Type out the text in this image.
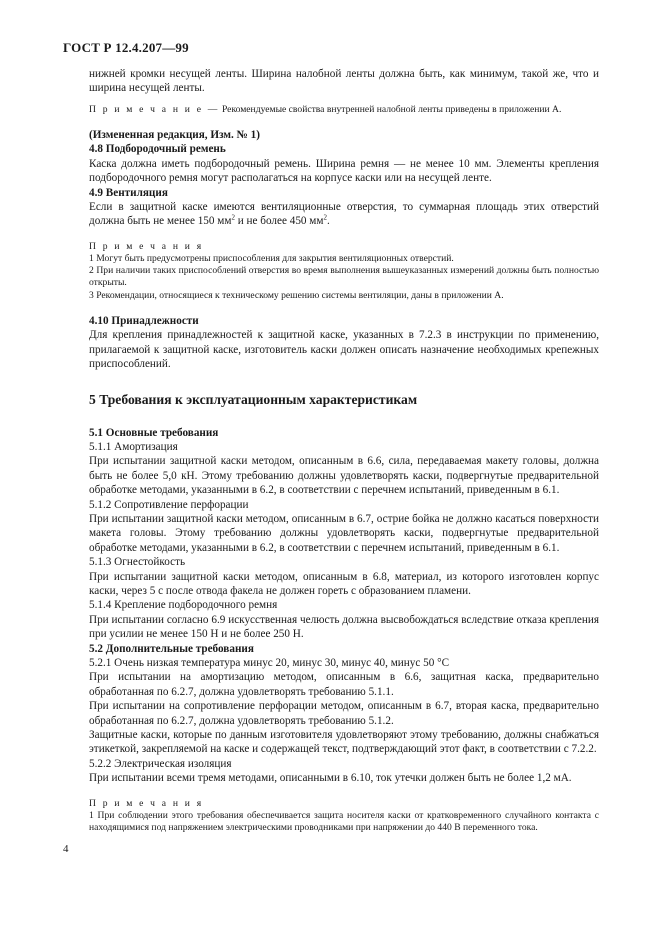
ГОСТ Р 12.4.207—99

нижней кромки несущей ленты. Ширина налобной ленты должна быть, как минимум, такой же, что и ширина несущей ленты.

П р и м е ч а н и е — Рекомендуемые свойства внутренней налобной ленты приведены в приложении А.

(Измененная редакция, Изм. № 1)

4.8 Подбородочный ремень

Каска должна иметь подбородочный ремень. Ширина ремня — не менее 10 мм. Элементы крепления подбородочного ремня могут располагаться на корпусе каски или на несущей ленте.

4.9 Вентиляция

Если в защитной каске имеются вентиляционные отверстия, то суммарная площадь этих отверстий должна быть не менее 150 $мм^2$ и не более 450 $мм^2$.

П р и м е ч а н и я

1 Могут быть предусмотрены приспособления для закрытия вентиляционных отверстий.

2 При наличии таких приспособлений отверстия во время выполнения вышеуказанных измерений должны быть полностью открыты.

3 Рекомендации, относящиеся к техническому решению системы вентиляции, даны в приложении А.

4.10 Принадлежности

Для крепления принадлежностей к защитной каске, указанных в 7.2.3 в инструкции по применению, прилагаемой к защитной каске, изготовитель каски должен описать назначение необходимых крепежных приспособлений.

5 Требования к эксплуатационным характеристикам

5.1 Основные требования

5.1.1 Амортизация

При испытании защитной каски методом, описанным в 6.6, сила, передаваемая макету головы, должна быть не более 5,0 кН. Этому требованию должны удовлетворять каски, подвергнутые предварительной обработке методами, указанными в 6.2, в соответствии с перечнем испытаний, приведенным в 6.1.

5.1.2 Сопротивление перфорации

При испытании защитной каски методом, описанным в 6.7, острие бойка не должно касаться поверхности макета головы. Этому требованию должны удовлетворять каски, подвергнутые предварительной обработке методами, указанными в 6.2, в соответствии с перечнем испытаний, приведенным в 6.1.

5.1.3 Огнестойкость

При испытании защитной каски методом, описанным в 6.8, материал, из которого изготовлен корпус каски, через 5 с после отвода факела не должен гореть с образованием пламени.

5.1.4 Крепление подбородочного ремня

При испытании согласно 6.9 искусственная челюсть должна высвобождаться вследствие отказа крепления при усилии не менее 150 Н и не более 250 Н.

5.2 Дополнительные требования

5.2.1 Очень низкая температура минус 20, минус 30, минус 40, минус 50 °С

При испытании на амортизацию методом, описанным в 6.6, защитная каска, предварительно обработанная по 6.2.7, должна удовлетворять требованию 5.1.1.

При испытании на сопротивление перфорации методом, описанным в 6.7, вторая каска, предварительно обработанная по 6.2.7, должна удовлетворять требованию 5.1.2.

Защитные каски, которые по данным изготовителя удовлетворяют этому требованию, должны снабжаться этикеткой, закрепляемой на каске и содержащей текст, подтверждающий этот факт, в соответствии с 7.2.2.

5.2.2 Электрическая изоляция

При испытании всеми тремя методами, описанными в 6.10, ток утечки должен быть не более 1,2 мА.

П р и м е ч а н и я

1 При соблюдении этого требования обеспечивается защита носителя каски от кратковременного случайного контакта с находящимися под напряжением электрическими проводниками при напряжении до 440 В переменного тока.

4
